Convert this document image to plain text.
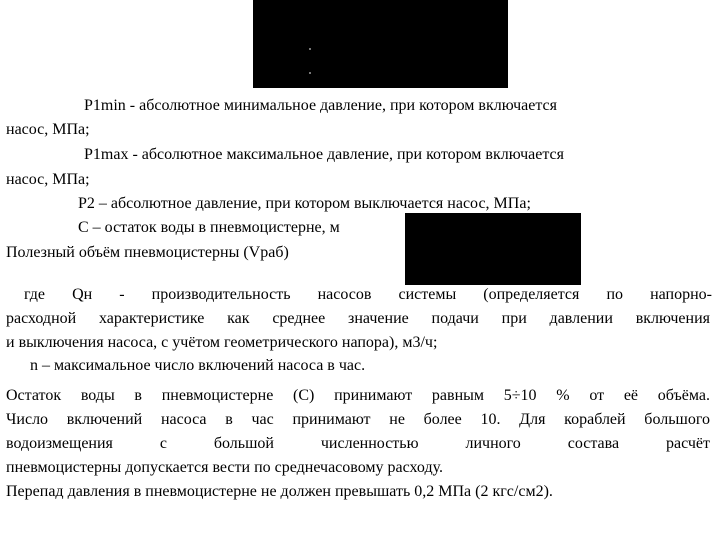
P1min - абсолютное минимальное давление, при котором включается
насос, МПа;
P1max - абсолютное максимальное давление, при котором включается
насос, МПа;
P2 – абсолютное давление, при котором выключается насос, МПа;
С – остаток воды в пневмоцистерне, м
Полезный объём пневмоцистерны (Vраб)
где Qн - производительность насосов системы (определяется по напорно-
расходной характеристике как среднее значение подачи при давлении включения
и выключения насоса, с учётом геометрического напора), м3/ч;
n – максимальное число включений насоса в час.
Остаток воды в пневмоцистерне (С) принимают равным 5÷10 % от её объёма.
Число включений насоса в час принимают не более 10. Для кораблей большого
водоизмещения с большой численностью личного состава расчёт
пневмоцистерны допускается вести по среднечасовому расходу.
Перепад давления в пневмоцистерне не должен превышать 0,2 МПа (2 кгс/см2).
